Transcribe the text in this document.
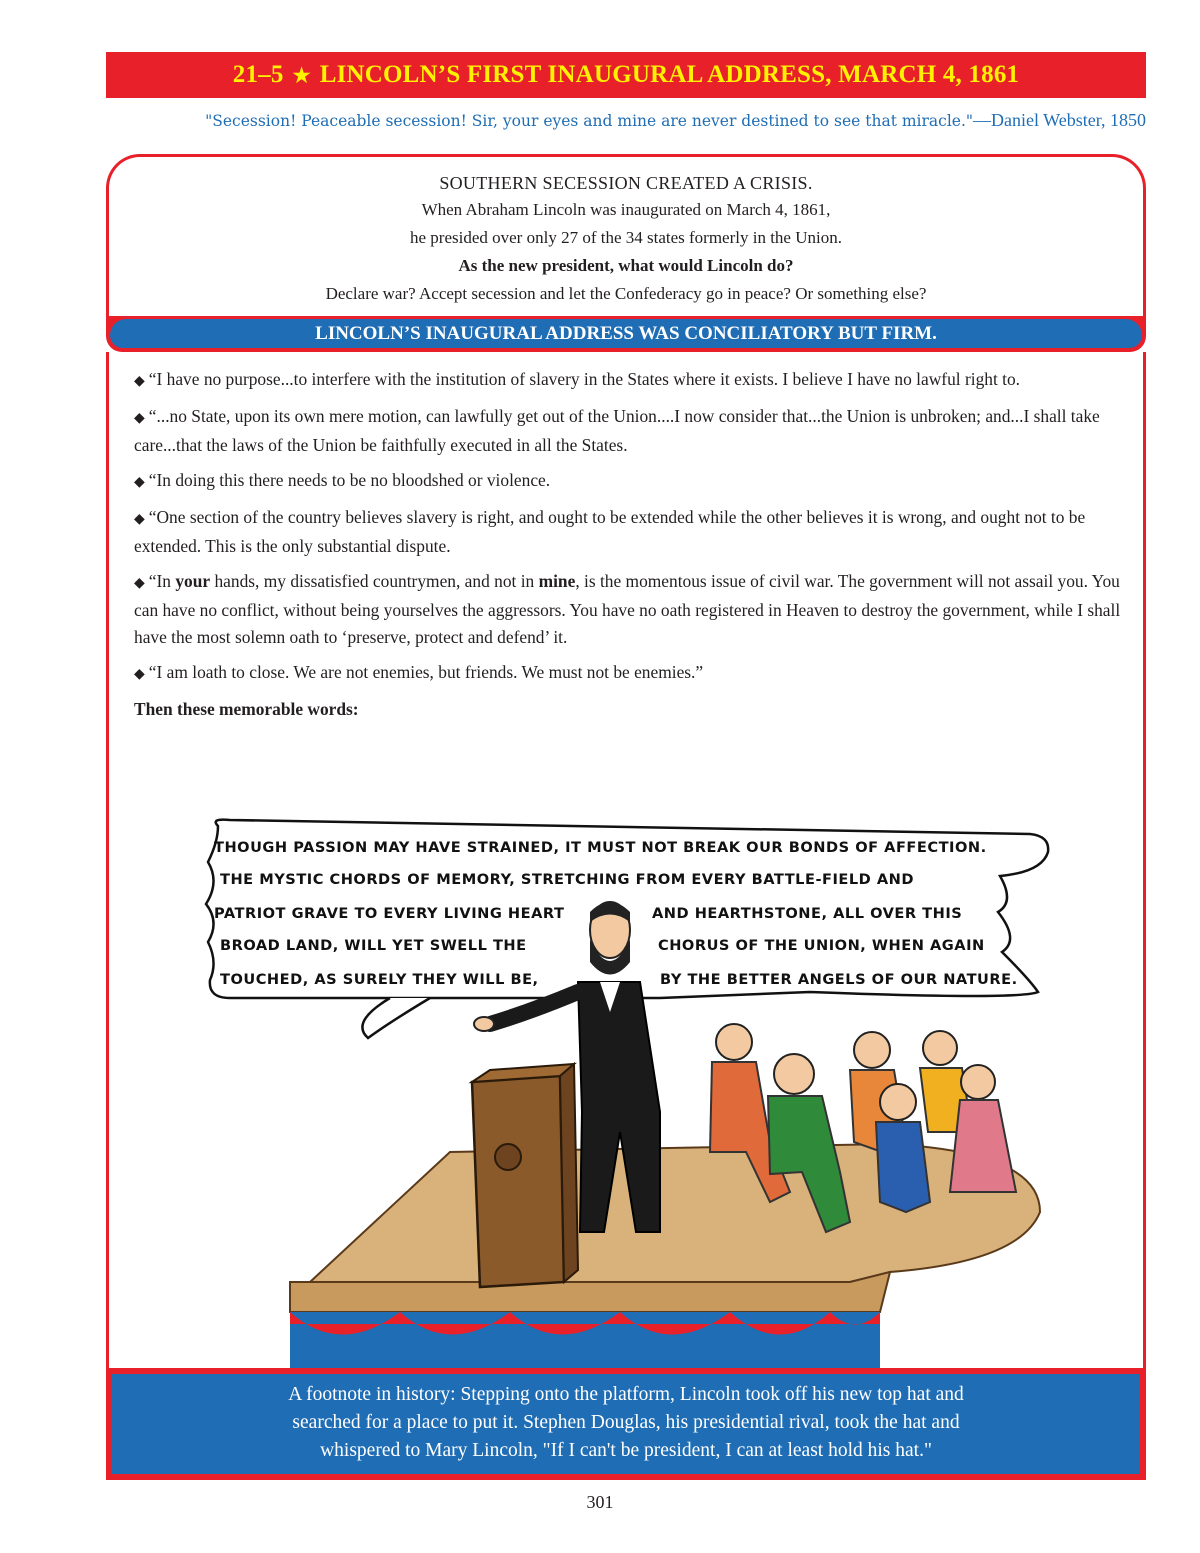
21–5 ★ LINCOLN’S FIRST INAUGURAL ADDRESS, MARCH 4, 1861
"Secession! Peaceable secession! Sir, your eyes and mine are never destined to see that miracle."—Daniel Webster, 1850
SOUTHERN SECESSION CREATED A CRISIS.
When Abraham Lincoln was inaugurated on March 4, 1861,
he presided over only 27 of the 34 states formerly in the Union.
As the new president, what would Lincoln do?
Declare war? Accept secession and let the Confederacy go in peace? Or something else?
LINCOLN’S INAUGURAL ADDRESS WAS CONCILIATORY BUT FIRM.

◆ “I have no purpose...to interfere with the institution of slavery in the States where it exists. I believe I have no lawful right to.

◆ “...no State, upon its own mere motion, can lawfully get out of the Union....I now consider that...the Union is unbroken; and...I shall take care...that the laws of the Union be faithfully executed in all the States.

◆ “In doing this there needs to be no bloodshed or violence.

◆ “One section of the country believes slavery is right, and ought to be extended while the other believes it is wrong, and ought not to be extended. This is the only substantial dispute.

◆ “In your hands, my dissatisfied countrymen, and not in mine, is the momentous issue of civil war. The government will not assail you. You can have no conflict, without being yourselves the aggressors. You have no oath registered in Heaven to destroy the government, while I shall have the most solemn oath to ‘preserve, protect and defend’ it.

◆ “I am loath to close. We are not enemies, but friends. We must not be enemies.”

Then these memorable words:

THOUGH PASSION MAY HAVE STRAINED, IT MUST NOT BREAK OUR BONDS OF AFFECTION.
THE MYSTIC CHORDS OF MEMORY, STRETCHING FROM EVERY BATTLE-FIELD AND
PATRIOT GRAVE TO EVERY LIVING HEART	AND HEARTHSTONE, ALL OVER THIS
BROAD LAND, WILL YET SWELL THE	CHORUS OF THE UNION, WHEN AGAIN
TOUCHED, AS SURELY THEY WILL BE,	BY THE BETTER ANGELS OF OUR NATURE.
A footnote in history: Stepping onto the platform, Lincoln took off his new top hat and
searched for a place to put it. Stephen Douglas, his presidential rival, took the hat and
whispered to Mary Lincoln, "If I can't be president, I can at least hold his hat."
301
